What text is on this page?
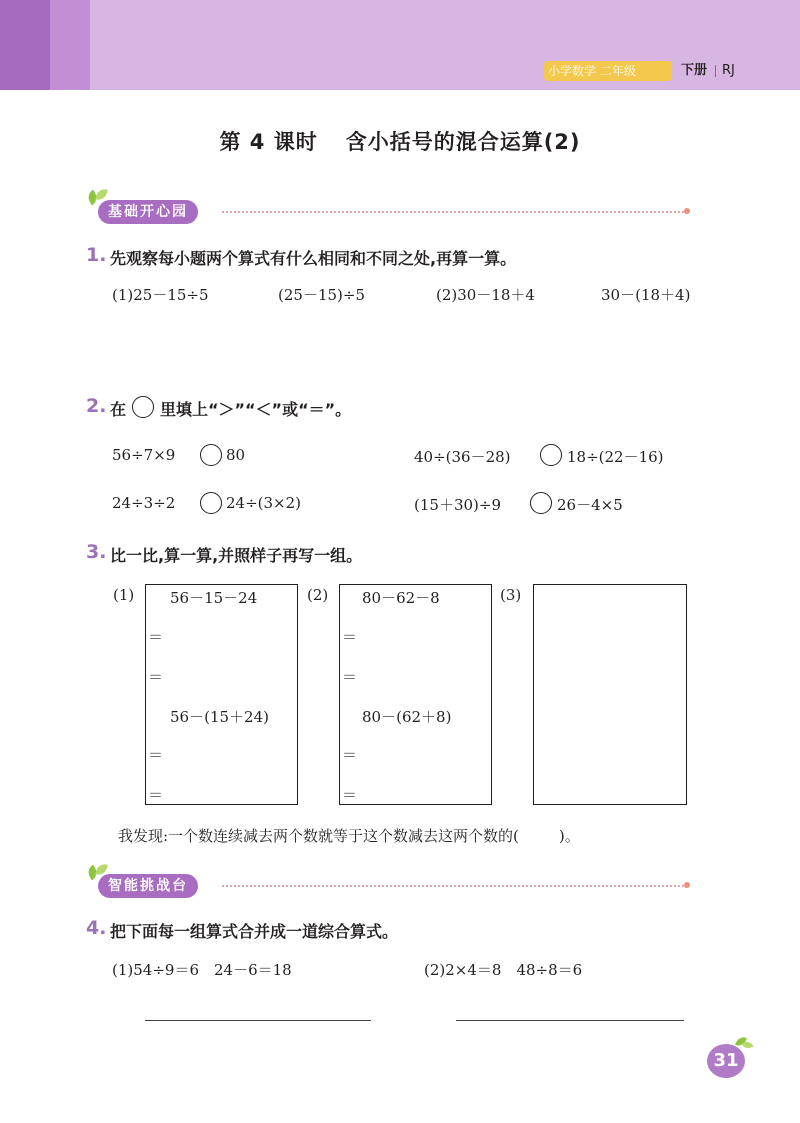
小学数学 二年级	下册 RJ
第 4 课时 含小括号的混合运算(2)
基础开心园
1. 先观察每小题两个算式有什么相同和不同之处,再算一算。
(1)25－15÷5	(25－15)÷5	(2)30－18＋4	30－(18＋4)
2. 在 里填上“＞”“＜”或“＝”。
56÷7×9	80	40÷(36－28)	18÷(22－16)
24÷3÷2	24÷(3×2)	(15＋30)÷9	26－4×5
3. 比一比,算一算,并照样子再写一组。
(1) 56－15－24
＝
＝
56－(15＋24)
＝
＝
(2) 80－62－8
＝
＝
80－(62＋8)
＝
＝
(3)
我发现:一个数连续减去两个数就等于这个数减去这两个数的(	)。
智能挑战台
4. 把下面每一组算式合并成一道综合算式。
(1)54÷9＝6　24－6＝18	(2)2×4＝8　48÷8＝6
31
